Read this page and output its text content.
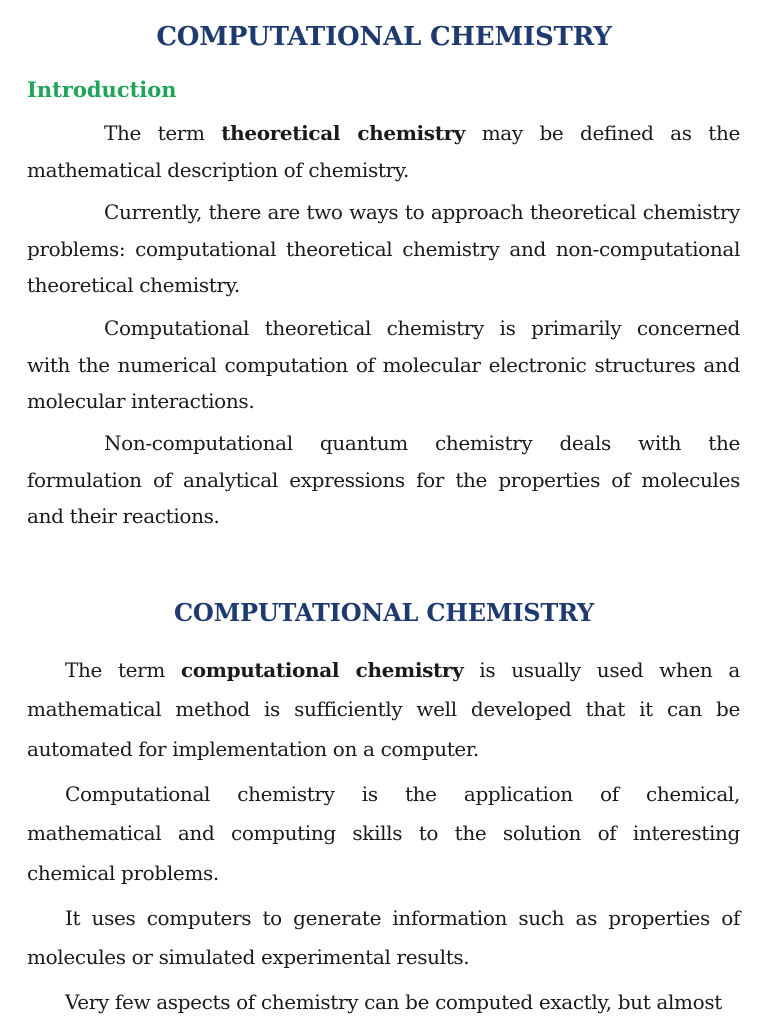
COMPUTATIONAL CHEMISTRY
Introduction

The term theoretical chemistry may be defined as the mathematical description of chemistry.

Currently, there are two ways to approach theoretical chemistry problems: computational theoretical chemistry and non-computational theoretical chemistry.

Computational theoretical chemistry is primarily concerned with the numerical computation of molecular electronic structures and molecular interactions.

Non-computational quantum chemistry deals with the formulation of analytical expressions for the properties of molecules and their reactions.

COMPUTATIONAL CHEMISTRY

The term computational chemistry is usually used when a mathematical method is sufficiently well developed that it can be automated for implementation on a computer.

Computational chemistry is the application of chemical, mathematical and computing skills to the solution of interesting chemical problems.

It uses computers to generate information such as properties of molecules or simulated experimental results.

Very few aspects of chemistry can be computed exactly, but almost
